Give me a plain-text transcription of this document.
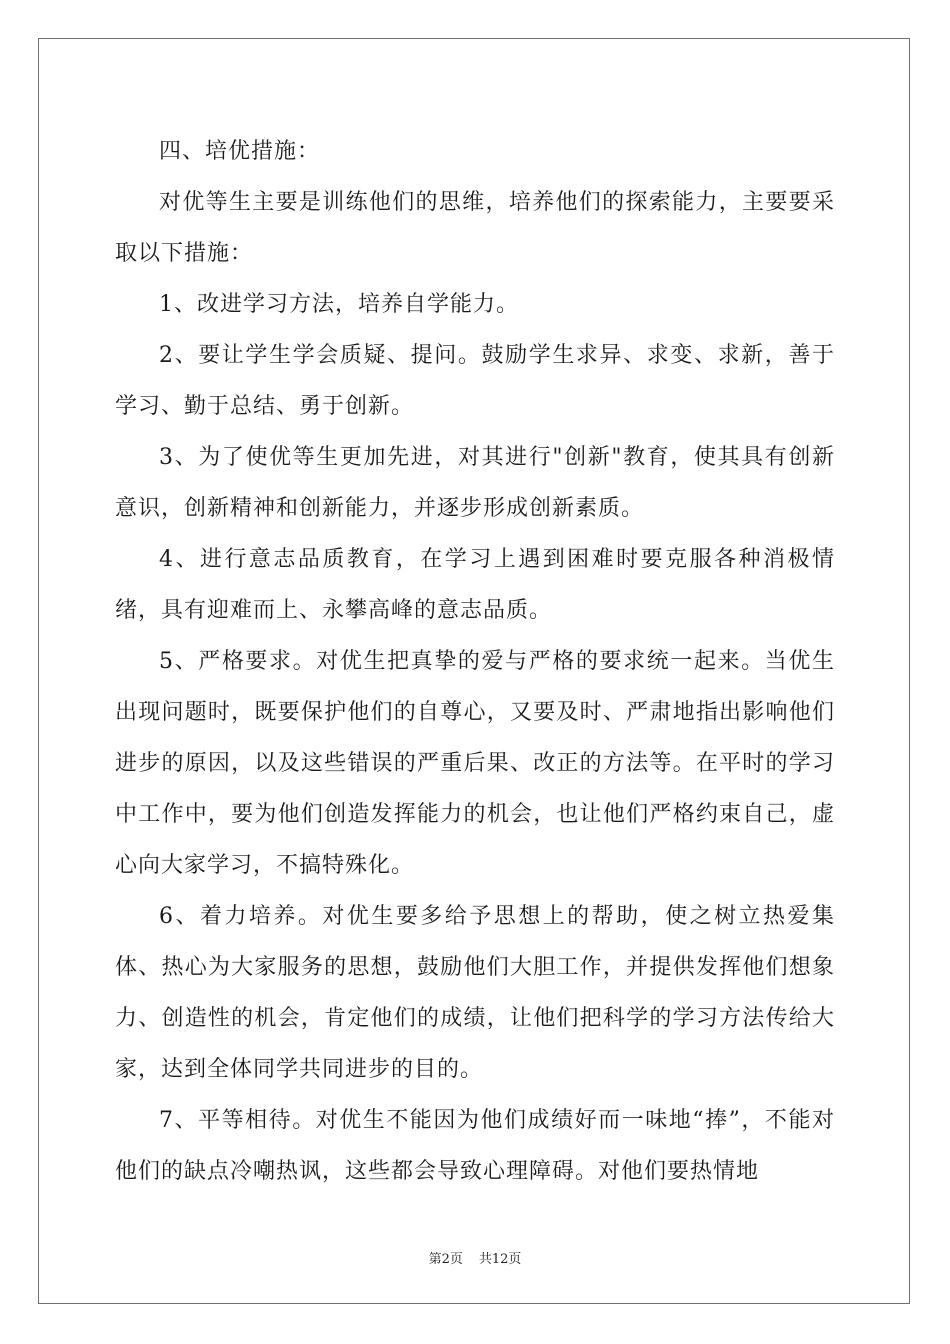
四、培优措施：

对优等生主要是训练他们的思维，培养他们的探索能力，主要要采取以下措施：

1、改进学习方法，培养自学能力。

2、要让学生学会质疑、提问。鼓励学生求异、求变、求新，善于学习、勤于总结、勇于创新。

3、为了使优等生更加先进，对其进行"创新"教育，使其具有创新意识，创新精神和创新能力，并逐步形成创新素质。

4、进行意志品质教育，在学习上遇到困难时要克服各种消极情绪，具有迎难而上、永攀高峰的意志品质。

5、严格要求。对优生把真挚的爱与严格的要求统一起来。当优生出现问题时，既要保护他们的自尊心，又要及时、严肃地指出影响他们进步的原因，以及这些错误的严重后果、改正的方法等。在平时的学习中工作中，要为他们创造发挥能力的机会，也让他们严格约束自己，虚心向大家学习，不搞特殊化。

6、着力培养。对优生要多给予思想上的帮助，使之树立热爱集体、热心为大家服务的思想，鼓励他们大胆工作，并提供发挥他们想象力、创造性的机会，肯定他们的成绩，让他们把科学的学习方法传给大家，达到全体同学共同进步的目的。

7、平等相待。对优生不能因为他们成绩好而一味地“捧”，不能对他们的缺点冷嘲热讽，这些都会导致心理障碍。对他们要热情地

第2页 共12页
